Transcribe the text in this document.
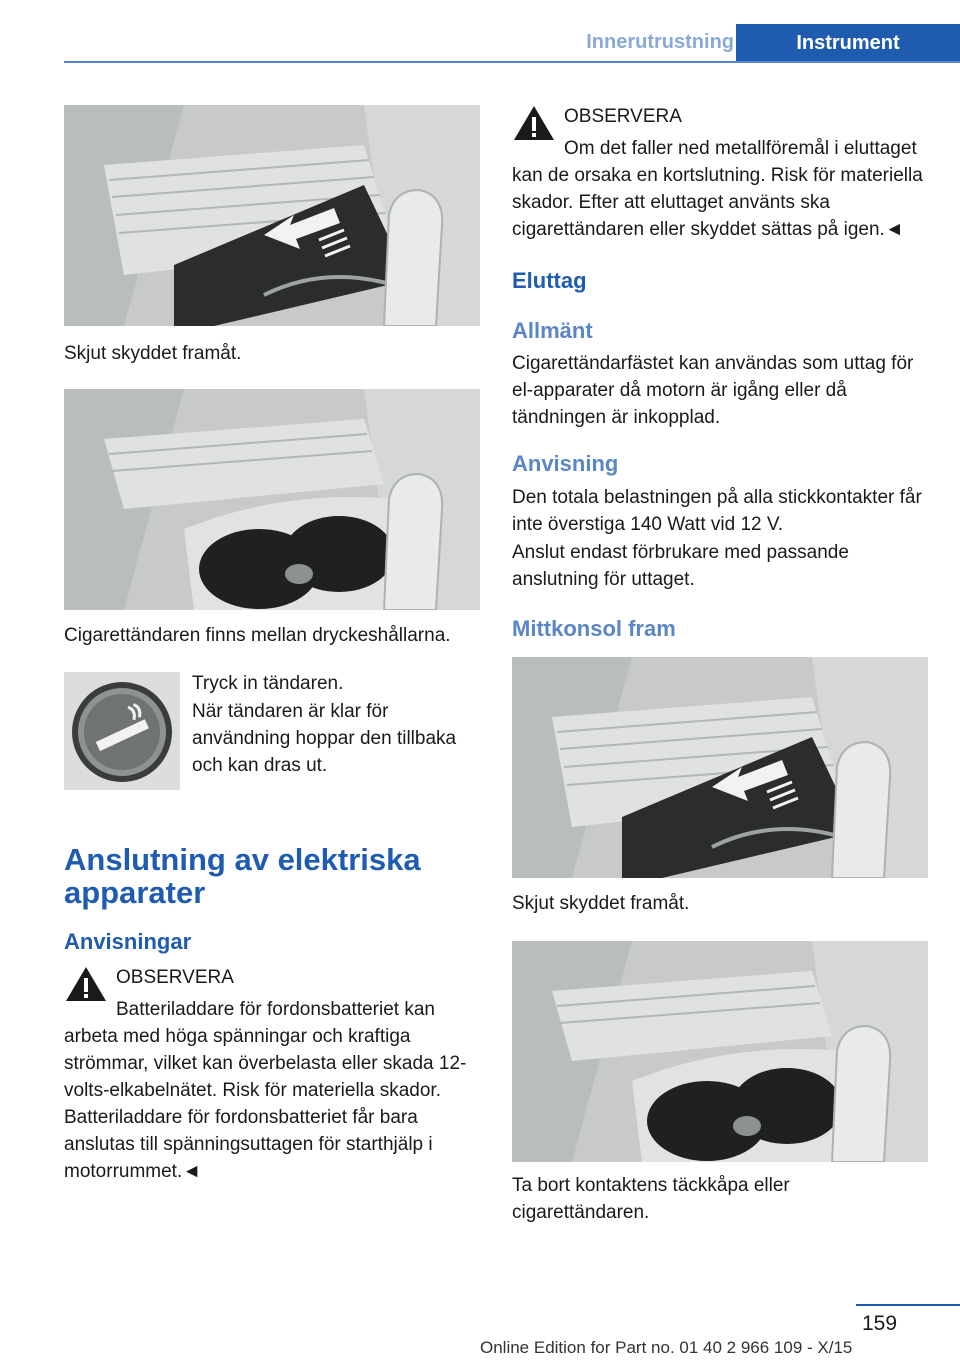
Innerutrustning	Instrument
Skjut skyddet framåt.
Cigarettändaren finns mellan dryckeshållarna.
Tryck in tändaren.
När tändaren är klar för användning hoppar den tillbaka och kan dras ut.
Anslutning av elektriska apparater
Anvisningar
OBSERVERA
Batteriladdare för fordonsbatteriet kan arbeta med höga spänningar och kraftiga strömmar, vilket kan överbelasta eller skada 12-volts-elkabelnätet. Risk för materiella skador. Batteriladdare för fordonsbatteriet får bara anslutas till spänningsuttagen för starthjälp i motorrummet.◄
OBSERVERA
Om det faller ned metallföremål i eluttaget kan de orsaka en kortslutning. Risk för materiella skador. Efter att eluttaget använts ska cigarettändaren eller skyddet sättas på igen.◄
Eluttag
Allmänt
Cigarettändarfästet kan användas som uttag för el-apparater då motorn är igång eller då tändningen är inkopplad.
Anvisning
Den totala belastningen på alla stickkontakter får inte överstiga 140 Watt vid 12 V.
Anslut endast förbrukare med passande anslutning för uttaget.
Mittkonsol fram
Skjut skyddet framåt.
Ta bort kontaktens täckkåpa eller cigarettändaren.
159
Online Edition for Part no. 01 40 2 966 109 - X/15
